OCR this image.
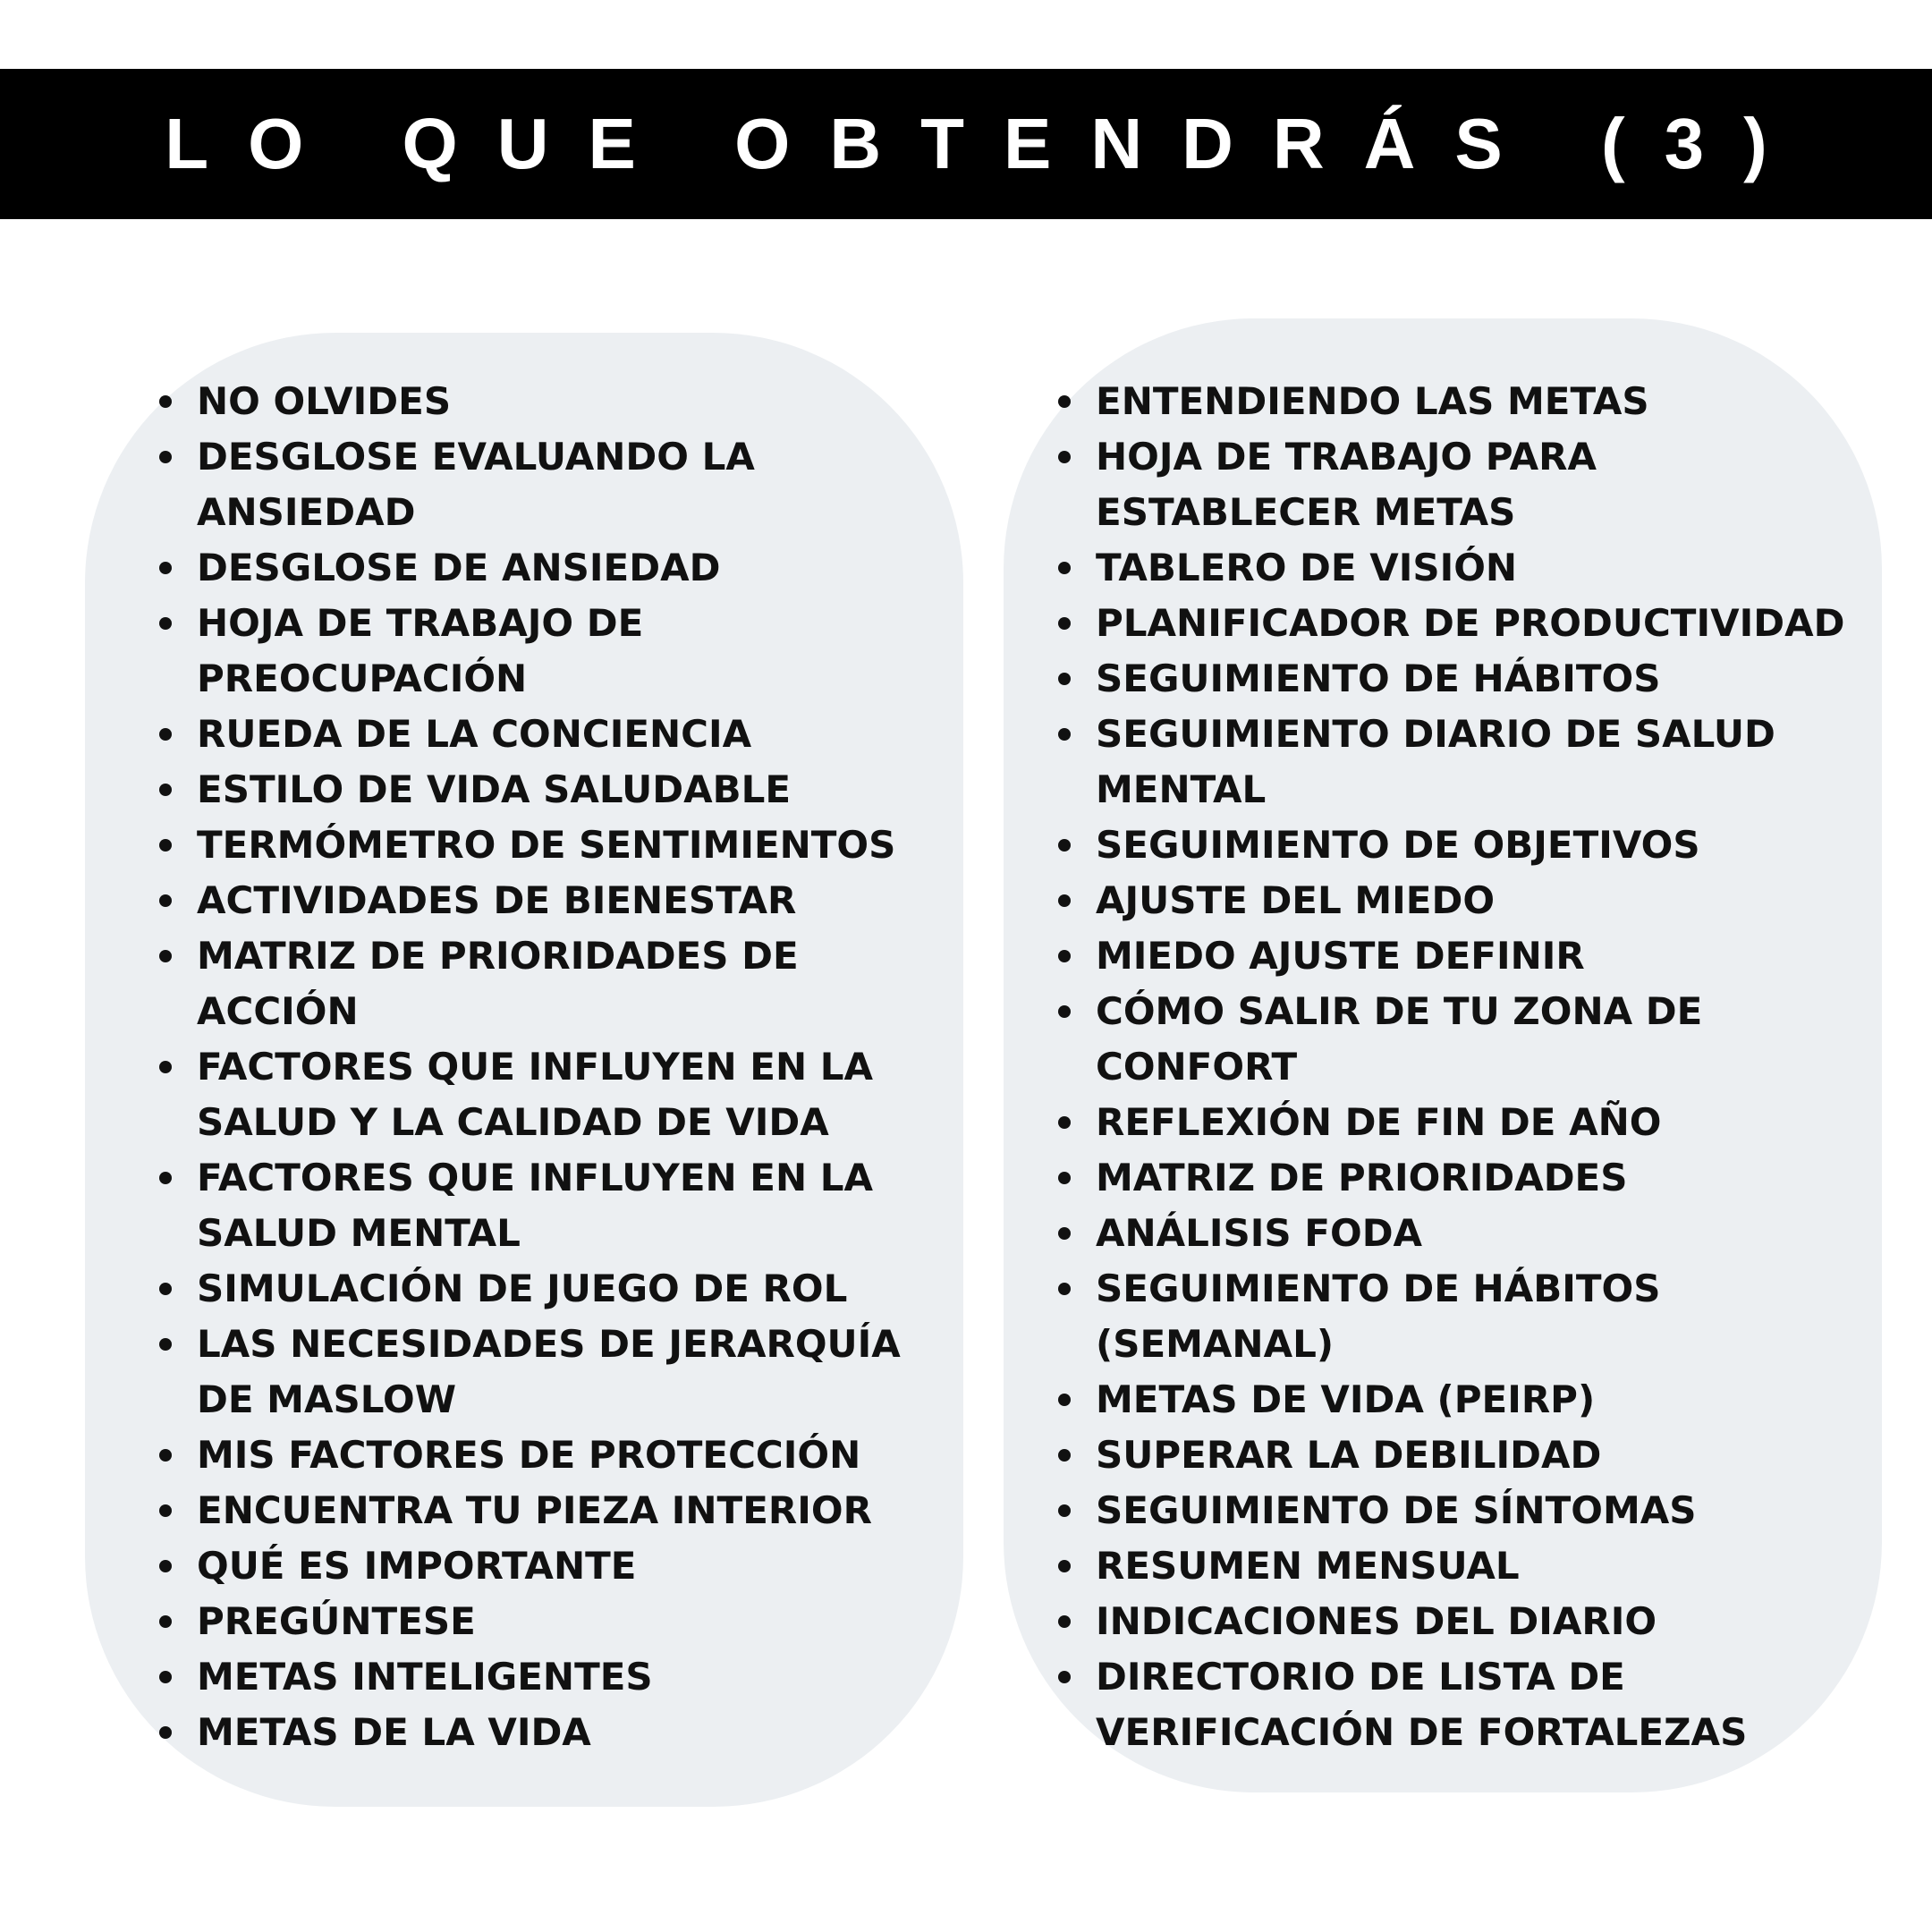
LO QUE OBTENDRÁS (3)
NO OLVIDES
DESGLOSE EVALUANDO LA ANSIEDAD
DESGLOSE DE ANSIEDAD
HOJA DE TRABAJO DE PREOCUPACIÓN
RUEDA DE LA CONCIENCIA
ESTILO DE VIDA SALUDABLE
TERMÓMETRO DE SENTIMIENTOS
ACTIVIDADES DE BIENESTAR
MATRIZ DE PRIORIDADES DE ACCIÓN
FACTORES QUE INFLUYEN EN LA SALUD Y LA CALIDAD DE VIDA
FACTORES QUE INFLUYEN EN LA SALUD MENTAL
SIMULACIÓN DE JUEGO DE ROL
LAS NECESIDADES DE JERARQUÍA DE MASLOW
MIS FACTORES DE PROTECCIÓN
ENCUENTRA TU PIEZA INTERIOR
QUÉ ES IMPORTANTE
PREGÚNTESE
METAS INTELIGENTES
METAS DE LA VIDA
ENTENDIENDO LAS METAS
HOJA DE TRABAJO PARA ESTABLECER METAS
TABLERO DE VISIÓN
PLANIFICADOR DE PRODUCTIVIDAD
SEGUIMIENTO DE HÁBITOS
SEGUIMIENTO DIARIO DE SALUD MENTAL
SEGUIMIENTO DE OBJETIVOS
AJUSTE DEL MIEDO
MIEDO AJUSTE DEFINIR
CÓMO SALIR DE TU ZONA DE CONFORT
REFLEXIÓN DE FIN DE AÑO
MATRIZ DE PRIORIDADES
ANÁLISIS FODA
SEGUIMIENTO DE HÁBITOS (SEMANAL)
METAS DE VIDA (PEIRP)
SUPERAR LA DEBILIDAD
SEGUIMIENTO DE SÍNTOMAS
RESUMEN MENSUAL
INDICACIONES DEL DIARIO
DIRECTORIO DE LISTA DE VERIFICACIÓN DE FORTALEZAS
